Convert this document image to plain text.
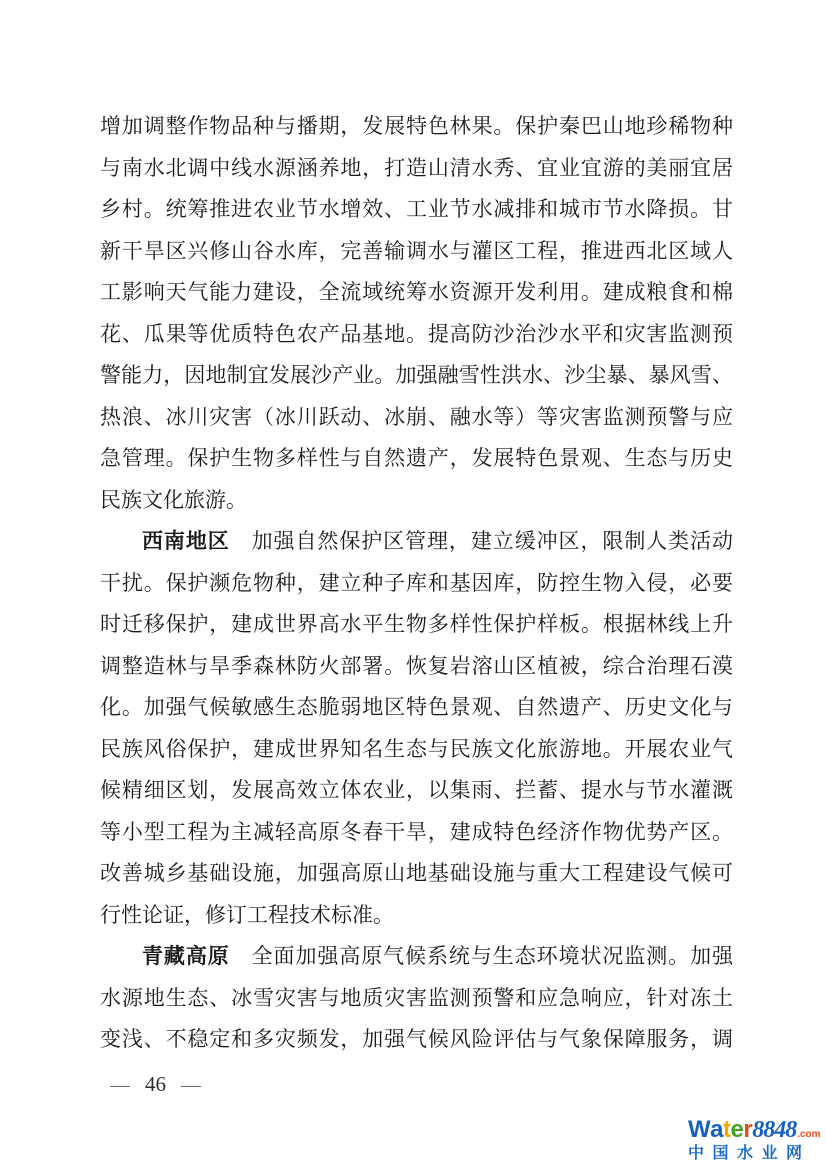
增加调整作物品种与播期，发展特色林果。保护秦巴山地珍稀物种
与南水北调中线水源涵养地，打造山清水秀、宜业宜游的美丽宜居
乡村。统筹推进农业节水增效、工业节水减排和城市节水降损。甘
新干旱区兴修山谷水库，完善输调水与灌区工程，推进西北区域人
工影响天气能力建设，全流域统筹水资源开发利用。建成粮食和棉
花、瓜果等优质特色农产品基地。提高防沙治沙水平和灾害监测预
警能力，因地制宜发展沙产业。加强融雪性洪水、沙尘暴、暴风雪、
热浪、冰川灾害（冰川跃动、冰崩、融水等）等灾害监测预警与应
急管理。保护生物多样性与自然遗产，发展特色景观、生态与历史
民族文化旅游。
西南地区 加强自然保护区管理，建立缓冲区，限制人类活动
干扰。保护濒危物种，建立种子库和基因库，防控生物入侵，必要
时迁移保护，建成世界高水平生物多样性保护样板。根据林线上升
调整造林与旱季森林防火部署。恢复岩溶山区植被，综合治理石漠
化。加强气候敏感生态脆弱地区特色景观、自然遗产、历史文化与
民族风俗保护，建成世界知名生态与民族文化旅游地。开展农业气
候精细区划，发展高效立体农业，以集雨、拦蓄、提水与节水灌溉
等小型工程为主减轻高原冬春干旱，建成特色经济作物优势产区。
改善城乡基础设施，加强高原山地基础设施与重大工程建设气候可
行性论证，修订工程技术标准。
青藏高原 全面加强高原气候系统与生态环境状况监测。加强
水源地生态、冰雪灾害与地质灾害监测预警和应急响应，针对冻土
变浅、不稳定和多灾频发，加强气候风险评估与气象保障服务，调
— 46 —
W a t e r 8848 .com
中国水业网
